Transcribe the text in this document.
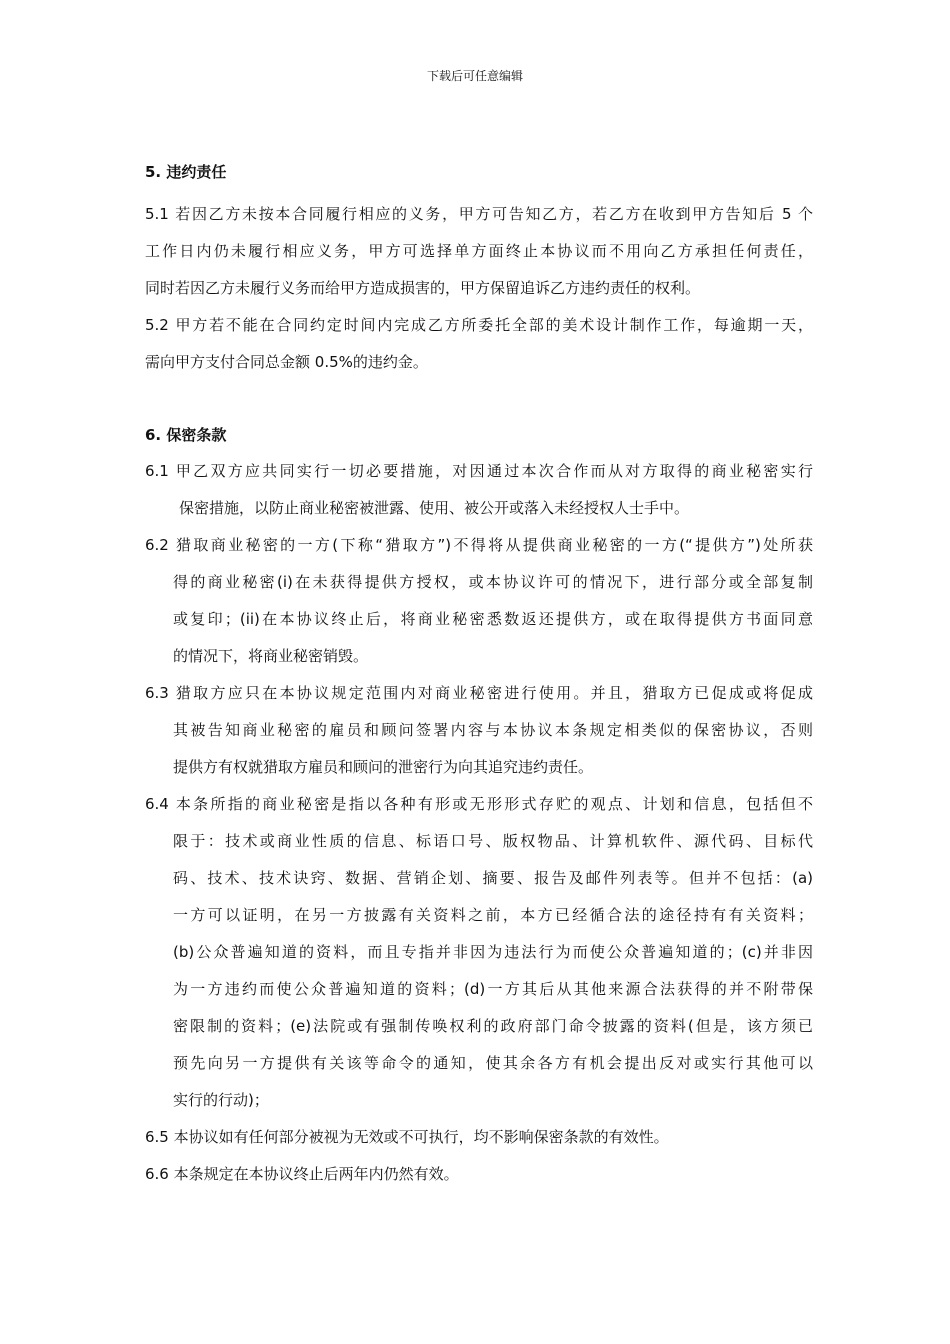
下载后可任意编辑
5. 违约责任
5.1 若因乙方未按本合同履行相应的义务，甲方可告知乙方，若乙方在收到甲方告知后 5 个
工作日内仍未履行相应义务，甲方可选择单方面终止本协议而不用向乙方承担任何责任，
同时若因乙方未履行义务而给甲方造成损害的，甲方保留追诉乙方违约责任的权利。
5.2 甲方若不能在合同约定时间内完成乙方所委托全部的美术设计制作工作，每逾期一天，
需向甲方支付合同总金额 0.5%的违约金。
6. 保密条款
6.1 甲乙双方应共同实行一切必要措施，对因通过本次合作而从对方取得的商业秘密实行
保密措施，以防止商业秘密被泄露、使用、被公开或落入未经授权人士手中。
6.2 猎取商业秘密的一方(下称“猎取方”)不得将从提供商业秘密的一方(“提供方”)处所获
得的商业秘密(i)在未获得提供方授权，或本协议许可的情况下，进行部分或全部复制
或复印；(ii)在本协议终止后，将商业秘密悉数返还提供方，或在取得提供方书面同意
的情况下，将商业秘密销毁。
6.3 猎取方应只在本协议规定范围内对商业秘密进行使用。并且，猎取方已促成或将促成
其被告知商业秘密的雇员和顾问签署内容与本协议本条规定相类似的保密协议，否则
提供方有权就猎取方雇员和顾问的泄密行为向其追究违约责任。
6.4 本条所指的商业秘密是指以各种有形或无形形式存贮的观点、计划和信息，包括但不
限于：技术或商业性质的信息、标语口号、版权物品、计算机软件、源代码、目标代
码、技术、技术诀窍、数据、营销企划、摘要、报告及邮件列表等。但并不包括：(a)
一方可以证明，在另一方披露有关资料之前，本方已经循合法的途径持有有关资料；
(b)公众普遍知道的资料，而且专指并非因为违法行为而使公众普遍知道的；(c)并非因
为一方违约而使公众普遍知道的资料；(d)一方其后从其他来源合法获得的并不附带保
密限制的资料；(e)法院或有强制传唤权利的政府部门命令披露的资料(但是，该方须已
预先向另一方提供有关该等命令的通知，使其余各方有机会提出反对或实行其他可以
实行的行动)；
6.5 本协议如有任何部分被视为无效或不可执行，均不影响保密条款的有效性。
6.6 本条规定在本协议终止后两年内仍然有效。
